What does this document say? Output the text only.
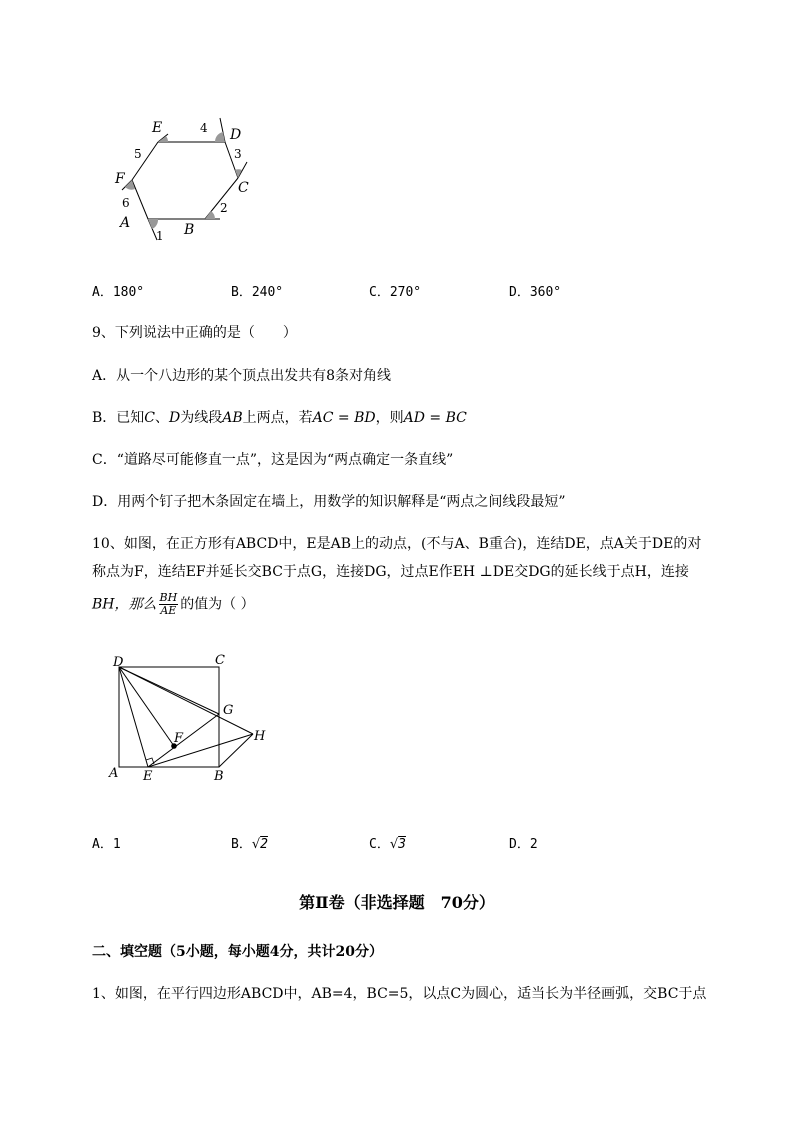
E	D
C
B
A
F
1
2
3
4
5
6
A．180°	B．240°	C．270°	D．360°
9、下列说法中正确的是（　　）
A．从一个八边形的某个顶点出发共有8条对角线
B．已知C、D为线段AB上两点，若AC = BD，则AD = BC
C．“道路尽可能修直一点”，这是因为“两点确定一条直线”
D．用两个钉子把木条固定在墙上，用数学的知识解释是“两点之间线段最短”
10、如图，在正方形有ABCD中，E是AB上的动点，(不与A、B重合)，连结DE，点A关于DE的对
称点为F，连结EF并延长交BC于点G，连接DG，过点E作EH ⊥DE交DG的延长线于点H，连接
BH，那么 $\frac{BH}{AE}$ 的值为（ ）
D	C
G
F	H
A E	B
A．1	B．√2	C．√3	D．2
第Ⅱ卷（非选择题　70分）
二、填空题（5小题，每小题4分，共计20分）
1、如图，在平行四边形ABCD中，AB=4，BC=5，以点C为圆心，适当长为半径画弧，交BC于点
